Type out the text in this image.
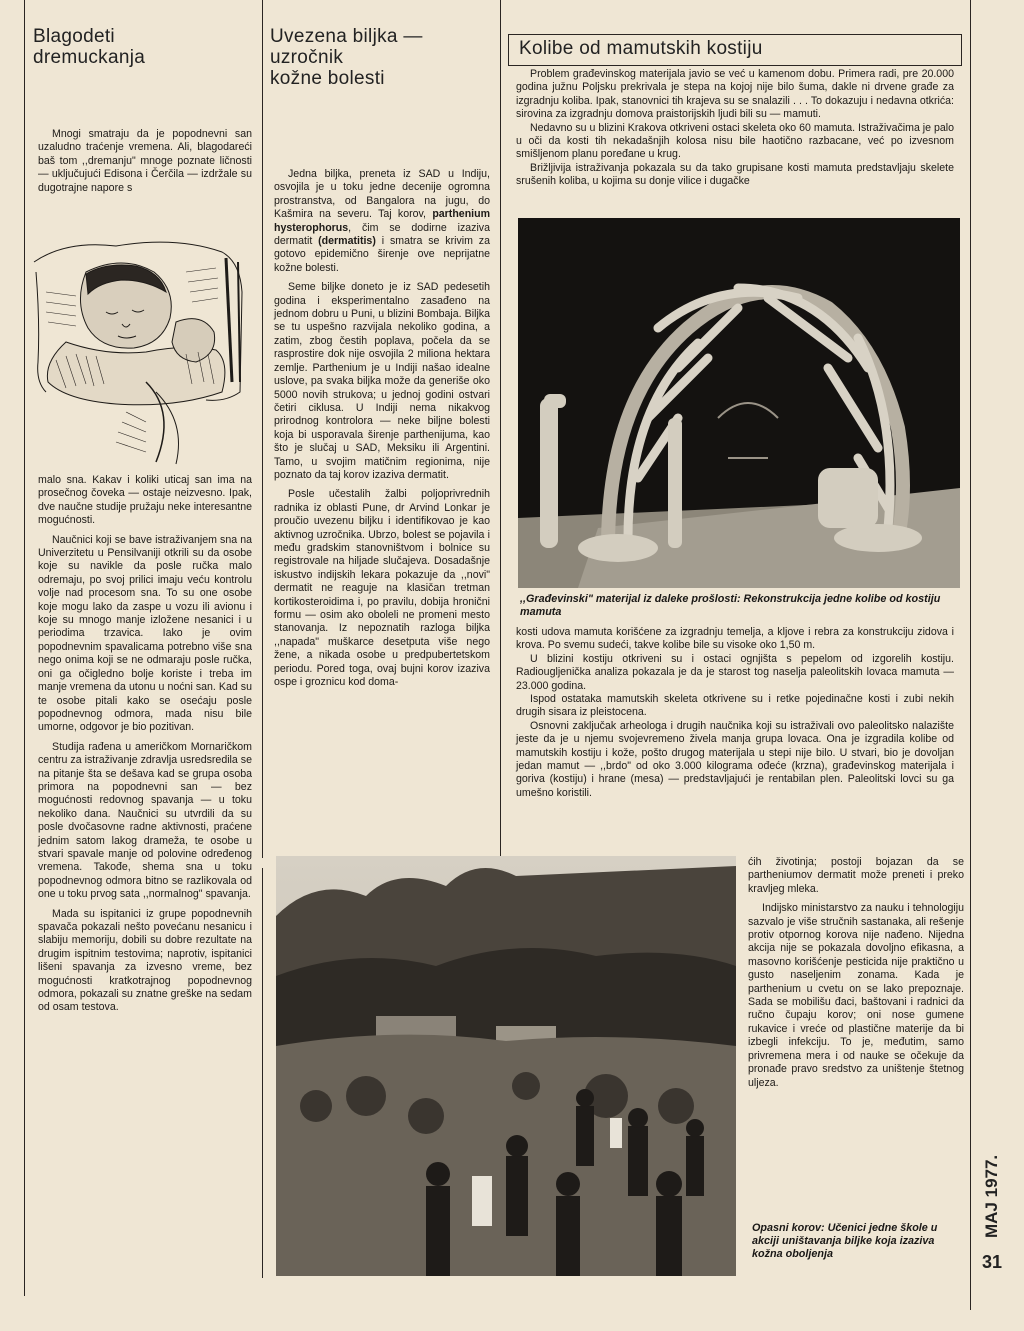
Blagodeti
dremuckanja

Mnogi smatraju da je popodnevni san uzaludno traćenje vremena. Ali, blagodareći baš tom ,,dremanju" mnoge poznate ličnosti — uključujući Edisona i Čerčila — izdržale su dugotrajne napore s

malo sna. Kakav i koliki uticaj san ima na prosečnog čoveka — ostaje neizvesno. Ipak, dve naučne studije pružaju neke interesantne mogućnosti.

Naučnici koji se bave istraživanjem sna na Univerzitetu u Pensilvaniji otkrili su da osobe koje su navikle da posle ručka malo odremaju, po svoj prilici imaju veću kontrolu volje nad procesom sna. To su one osobe koje mogu lako da zaspe u vozu ili avionu i koje su mnogo manje izložene nesanici i u periodima trzavica. Iako je ovim popodnevnim spavalicama potrebno više sna nego onima koji se ne odmaraju posle ručka, oni ga očigledno bolje koriste i treba im manje vremena da utonu u noćni san. Kad su te osobe pitali kako se osećaju posle popodnevnog odmora, mada nisu bile umorne, odgovor je bio pozitivan.

Studija rađena u američkom Mornaričkom centru za istraživanje zdravlja usredsredila se na pitanje šta se dešava kad se grupa osoba primora na popodnevni san — bez mogućnosti redovnog spavanja — u toku nekoliko dana. Naučnici su utvrdili da su posle dvočasovne radne aktivnosti, praćene jednim satom lakog drameža, te osobe u stvari spavale manje od polovine određenog vremena. Takođe, shema sna u toku popodnevnog odmora bitno se razlikovala od one u toku prvog sata ,,normalnog" spavanja.

Mada su ispitanici iz grupe popodnevnih spavača pokazali nešto povećanu nesanicu i slabiju memoriju, dobili su dobre rezultate na drugim ispitnim testovima; naprotiv, ispitanici lišeni spavanja za izvesno vreme, bez mogućnosti kratkotrajnog popodnevnog odmora, pokazali su znatne greške na sedam od osam testova.

Uvezena biljka —
uzročnik
kožne bolesti

Jedna biljka, preneta iz SAD u Indiju, osvojila je u toku jedne decenije ogromna prostranstva, od Bangalora na jugu, do Kašmira na severu. Taj korov, parthenium hysterophorus, čim se dodirne izaziva dermatit (dermatitis) i smatra se krivim za gotovo epidemično širenje ove nepriјatne kožne bolesti.

Seme biljke doneto je iz SAD pedesetih godina i eksperimentalno zasađeno na jednom dobru u Puni, u blizini Bombaja. Biljka se tu uspešno razvijala nekoliko godina, a zatim, zbog čestih poplava, počela da se rasprostire dok nije osvojila 2 miliona hektara zemlje. Parthenium je u Indiji našao idealne uslove, pa svaka biljka može da generiše oko 5000 novih strukova; u jednoj godini ostvari četiri ciklusa. U Indiji nema nikakvog prirodnog kontrolora — neke biljne bolesti koja bi usporavala širenje parthenijuma, kao što je slučaj u SAD, Meksiku ili Argentini. Tamo, u svojim matičnim regionima, nije poznato da taj korov izaziva dermatit.

Posle učestalih žalbi poljoprivrednih radnika iz oblasti Pune, dr Arvind Lonkar je proučio uvezenu biljku i identifikovao je kao aktivnog uzročnika. Ubrzo, bolest se pojavila i među gradskim stanovništvom i bolnice su registrovale na hiljade slučajeva. Dosadašnje iskustvo indijskih lekara pokazuje da ,,novi" dermatit ne reaguje na klasičan tretman kortikosteroidima i, po pravilu, dobija hronični formu — osim ako oboleli ne promeni mesto stanovanja. Iz nepoznatih razloga biljka ,,napada" muškarce desetputa više nego žene, a nikada osobe u predpubertetskom periodu. Pored toga, ovaj bujni korov izaziva ospe i groznicu kod doma-

ćih životinja; postoji bojazan da se partheniumov dermatit može preneti i preko kravljeg mleka.

Indijsko ministarstvo za nauku i tehnologiju sazvalo je više stručnih sastanaka, ali rešenje protiv otpornog korova nije nađeno. Nijedna akcija nije se pokazala dovoljno efikasna, a masovno korišćenje pesticida nije praktično u gusto naseljenim zonama. Kada je parthenium u cvetu on se lako prepoznaje. Sada se mobilišu đaci, baštovani i radnici da ručno čupaju korov; oni nose gumene rukavice i vreće od plastične materije da bi izbegli infekciju. To je, međutim, samo privremena mera i od nauke se očekuje da pronađe pravo sredstvo za uništenje štetnog uljeza.

Opasni korov: Učenici jedne škole u akciji uništavanja biljke koja izaziva kožna oboljenja
Kolibe od mamutskih kostiju

Problem građevinskog materijala javio se već u kamenom dobu. Primera radi, pre 20.000 godina južnu Poljsku prekrivala je stepa na kojoj nije bilo šuma, dakle ni drvene građe za izgradnju koliba. Ipak, stanovnici tih krajeva su se snalazili . . . To dokazuju i nedavna otkrića: sirovina za izgradnju domova praistorijskih ljudi bili su — mamuti.

Nedavno su u blizini Krakova otkriveni ostaci skeleta oko 60 mamuta. Istraživačima je palo u oči da kosti tih nekadašnjih kolosa nisu bile haotično razbacane, već po izvesnom smišljenom planu poređane u krug.

Brižljivija istraživanja pokazala su da tako grupisane kosti mamuta predstavljaju skelete srušenih koliba, u kojima su donje vilice i dugačke

,,Građevinski" materijal iz daleke prošlosti: Rekonstrukcija jedne kolibe od kostiju mamuta

kosti udova mamuta korišćene za izgradnju temelja, a kljove i rebra za konstrukciju zidova i krova. Po svemu sudeći, takve kolibe bile su visoke oko 1,50 m.

U blizini kostiju otkriveni su i ostaci ognjišta s pepelom od izgorelih kostiju. Radiougljenička analiza pokazala je da je starost tog naselja paleolitskih lovaca mamuta — 23.000 godina.

Ispod ostataka mamutskih skeleta otkrivene su i retke pojedinačne kosti i zubi nekih drugih sisara iz pleistocena.

Osnovni zaključak arheologa i drugih naučnika koji su istraživali ovo paleolitsko nalazište jeste da je u njemu svojevremeno živela manja grupa lovaca. Ona je izgradila kolibe od mamutskih kostiju i kože, pošto drugog materijala u stepi nije bilo. U stvari, bio je dovoljan jedan mamut — ,,brdo" od oko 3.000 kilograma ođeće (krzna), građevinskog materijala i goriva (kostiju) i hrane (mesa) — predstavljajući je rentabilan plen. Paleolitski lovci su ga umešno koristili.

MAJ 1977.
31
